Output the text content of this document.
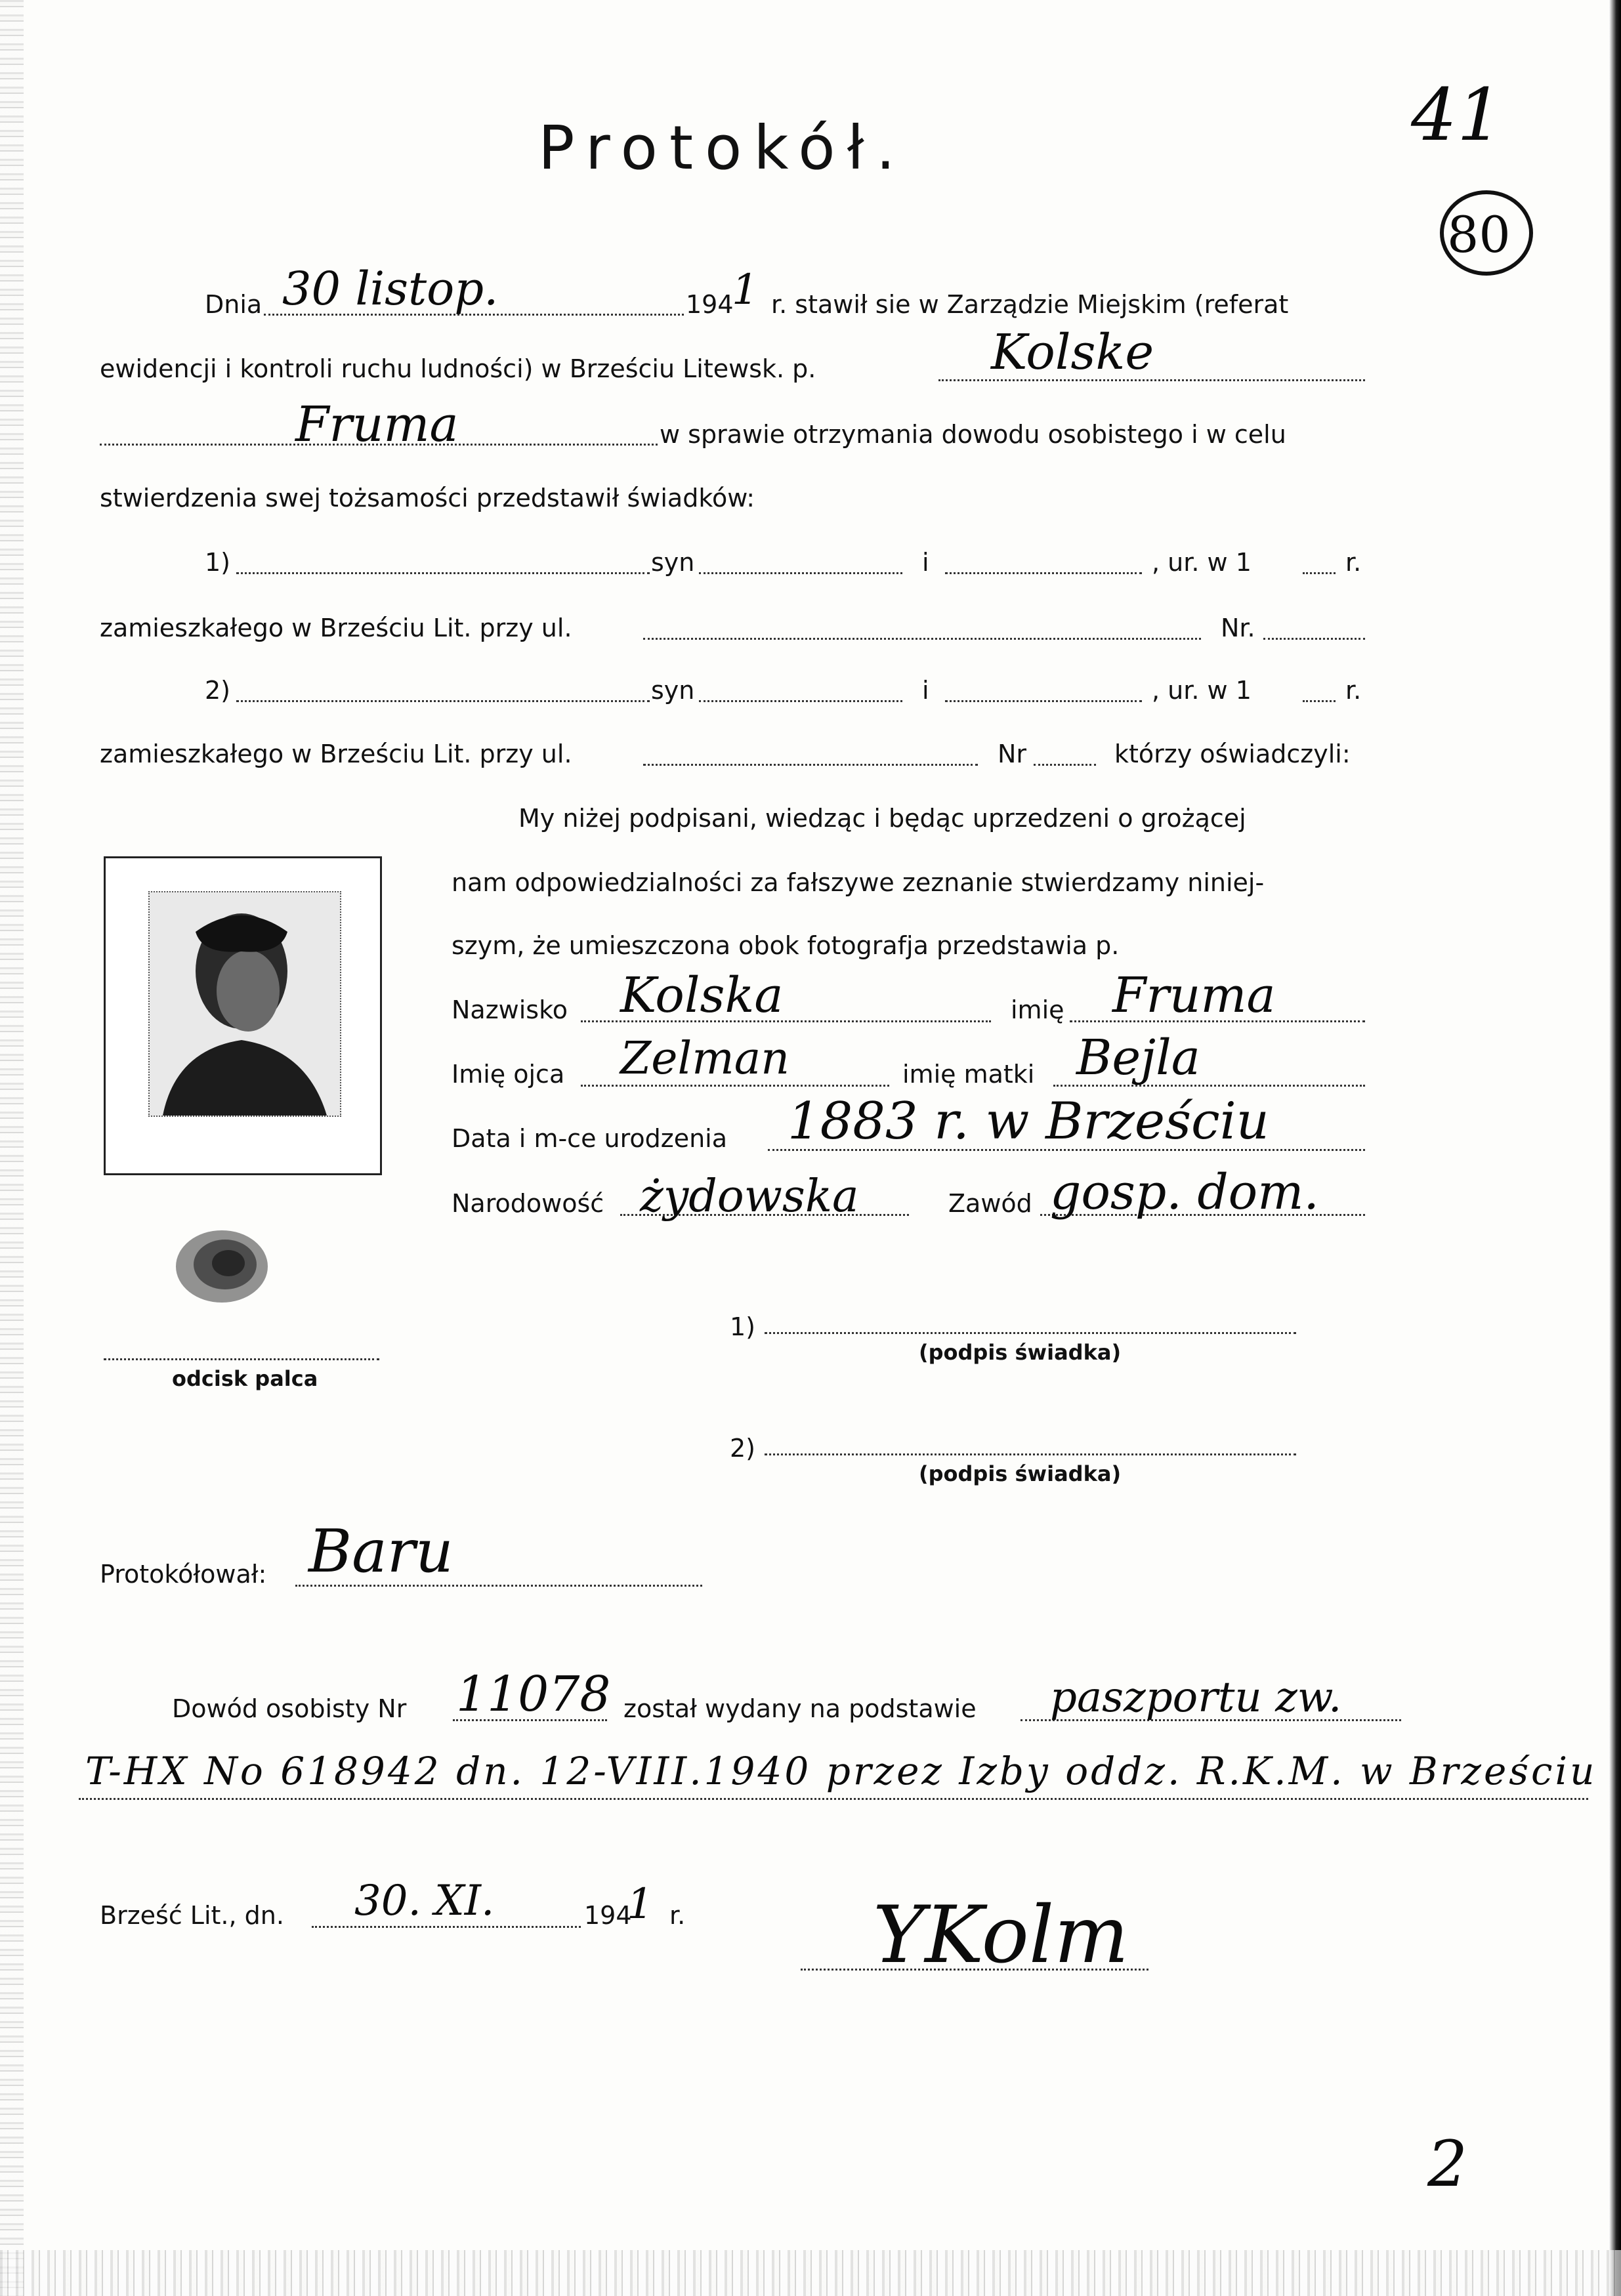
41
80
Protokół.
Dnia 30 listop.	194
1 r. stawił sie w Zarządzie Miejskim (referat
ewidencji i kontroli ruchu ludności) w Brześciu Litewsk. p.	Kolske
Fruma	w sprawie otrzymania dowodu osobistego i w celu
stwierdzenia swej tożsamości przedstawił świadków:
1)	syn	i	, ur. w 1	r.
zamieszkałego w Brześciu Lit. przy ul.	Nr.
2)	syn	i	, ur. w 1	r.
zamieszkałego w Brześciu Lit. przy ul.	Nr	którzy oświadczyli:
My niżej podpisani, wiedząc i będąc uprzedzeni o grożącej
nam odpowiedzialności za fałszywe zeznanie stwierdzamy niniej-
szym, że umieszczona obok fotografja przedstawia p.
odcisk palca
Nazwisko Kolska	imię Fruma
Imię ojca Zelman	imię matki Bejla
Data i m-ce urodzenia 1883 r. w Brześciu
Narodowość żydowska	Zawód gosp. dom.
1)
(podpis świadka)
2)
(podpis świadka)
Protokółował: Baru
Dowód osobisty Nr 11078 został wydany na podstawie paszportu zw.
T-HX No 618942 dn. 12-VIII.1940 przez Izby oddz. R.K.M. w Brześciu
Brześć Lit., dn. 30. XI.	194
1 r. YKolm
2
